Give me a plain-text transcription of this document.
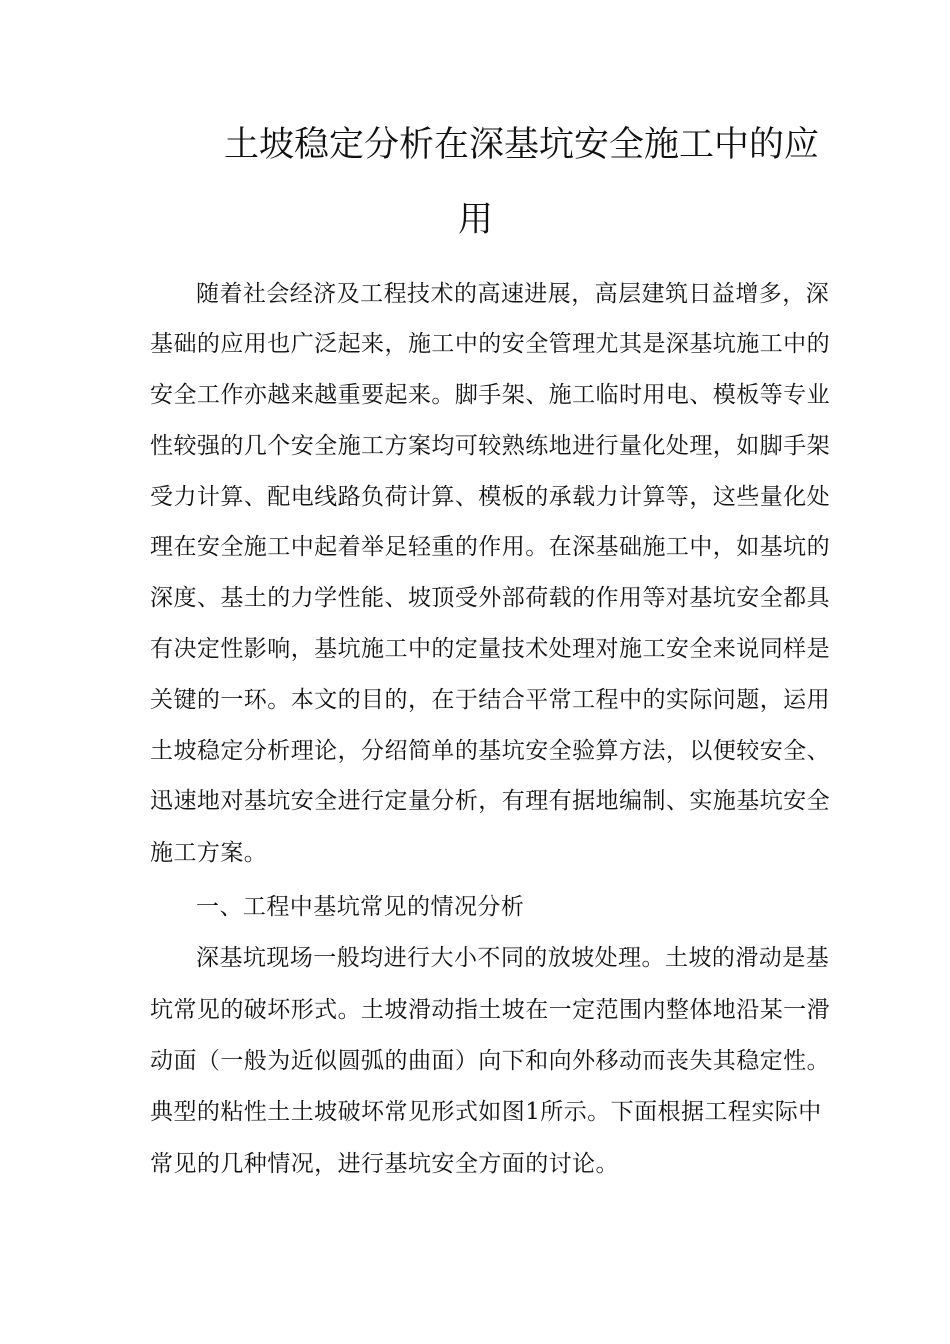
土坡稳定分析在深基坑安全施工中的应
用
随着社会经济及工程技术的高速进展，高层建筑日益增多，深
基础的应用也广泛起来，施工中的安全管理尤其是深基坑施工中的
安全工作亦越来越重要起来。脚手架、施工临时用电、模板等专业
性较强的几个安全施工方案均可较熟练地进行量化处理，如脚手架
受力计算、配电线路负荷计算、模板的承载力计算等，这些量化处
理在安全施工中起着举足轻重的作用。在深基础施工中，如基坑的
深度、基土的力学性能、坡顶受外部荷载的作用等对基坑安全都具
有决定性影响，基坑施工中的定量技术处理对施工安全来说同样是
关键的一环。本文的目的，在于结合平常工程中的实际问题，运用
土坡稳定分析理论，分绍简单的基坑安全验算方法，以便较安全、
迅速地对基坑安全进行定量分析，有理有据地编制、实施基坑安全
施工方案。
一、工程中基坑常见的情况分析
深基坑现场一般均进行大小不同的放坡处理。土坡的滑动是基
坑常见的破坏形式。土坡滑动指土坡在一定范围内整体地沿某一滑
动面（一般为近似圆弧的曲面）向下和向外移动而丧失其稳定性。
典型的粘性土土坡破坏常见形式如图1所示。下面根据工程实际中
常见的几种情况，进行基坑安全方面的讨论。
